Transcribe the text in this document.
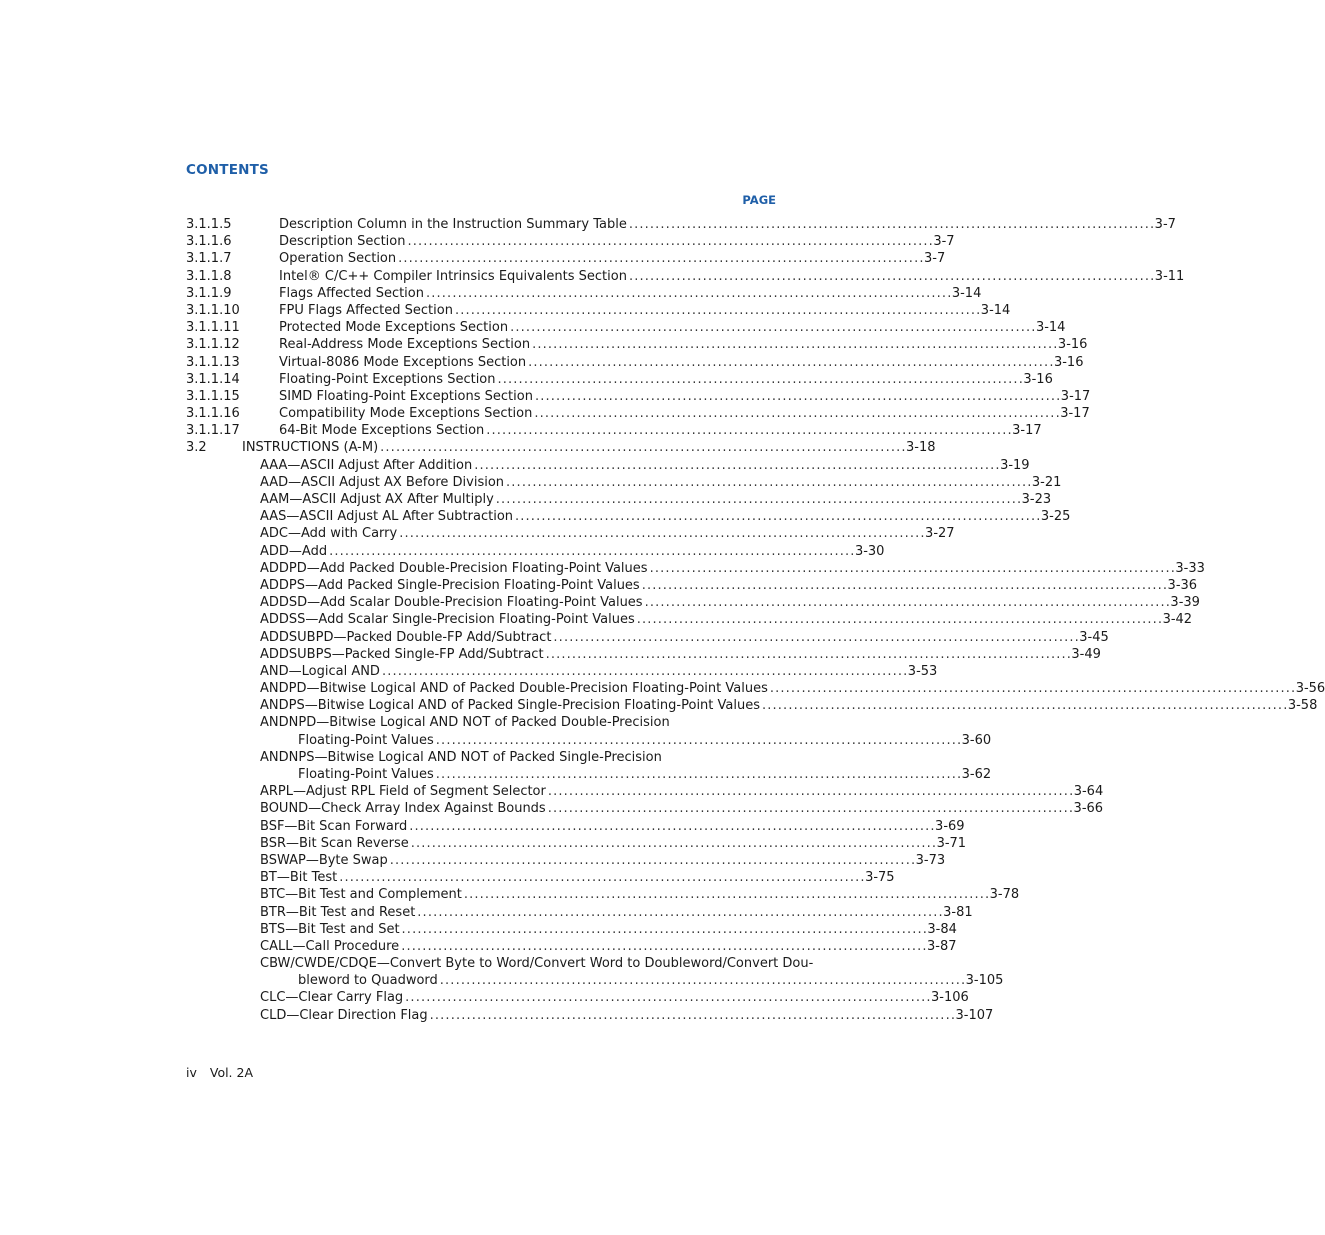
CONTENTS
PAGE
3.1.1.5	Description Column in the Instruction Summary Table . . .	3-7
3.1.1.6	Description Section . . .	3-7
3.1.1.7	Operation Section . . .	3-7
3.1.1.8	Intel® C/C++ Compiler Intrinsics Equivalents Section . . .	3-11
3.1.1.9	Flags Affected Section . . .	3-14
3.1.1.10	FPU Flags Affected Section . . .	3-14
3.1.1.11	Protected Mode Exceptions Section . . .	3-14
3.1.1.12	Real-Address Mode Exceptions Section . . .	3-16
3.1.1.13	Virtual-8086 Mode Exceptions Section . . .	3-16
3.1.1.14	Floating-Point Exceptions Section . . .	3-16
3.1.1.15	SIMD Floating-Point Exceptions Section . . .	3-17
3.1.1.16	Compatibility Mode Exceptions Section . . .	3-17
3.1.1.17	64-Bit Mode Exceptions Section . . .	3-17
3.2	INSTRUCTIONS (A-M) . . .	3-18
AAA—ASCII Adjust After Addition . . .	3-19
AAD—ASCII Adjust AX Before Division . . .	3-21
AAM—ASCII Adjust AX After Multiply . . .	3-23
AAS—ASCII Adjust AL After Subtraction . . .	3-25
ADC—Add with Carry . . .	3-27
ADD—Add . . .	3-30
ADDPD—Add Packed Double-Precision Floating-Point Values . . .	3-33
ADDPS—Add Packed Single-Precision Floating-Point Values . . .	3-36
ADDSD—Add Scalar Double-Precision Floating-Point Values . . .	3-39
ADDSS—Add Scalar Single-Precision Floating-Point Values . . .	3-42
ADDSUBPD—Packed Double-FP Add/Subtract . . .	3-45
ADDSUBPS—Packed Single-FP Add/Subtract . . .	3-49
AND—Logical AND . . .	3-53
ANDPD—Bitwise Logical AND of Packed Double-Precision Floating-Point Values . . .	3-56
ANDPS—Bitwise Logical AND of Packed Single-Precision Floating-Point Values . . .	3-58
ANDNPD—Bitwise Logical AND NOT of Packed Double-Precision
Floating-Point Values . . .	3-60
ANDNPS—Bitwise Logical AND NOT of Packed Single-Precision
Floating-Point Values . . .	3-62
ARPL—Adjust RPL Field of Segment Selector . . .	3-64
BOUND—Check Array Index Against Bounds . . .	3-66
BSF—Bit Scan Forward . . .	3-69
BSR—Bit Scan Reverse . . .	3-71
BSWAP—Byte Swap . . .	3-73
BT—Bit Test . . .	3-75
BTC—Bit Test and Complement . . .	3-78
BTR—Bit Test and Reset . . .	3-81
BTS—Bit Test and Set . . .	3-84
CALL—Call Procedure . . .	3-87
CBW/CWDE/CDQE—Convert Byte to Word/Convert Word to Doubleword/Convert Dou-
bleword to Quadword . . .	3-105
CLC—Clear Carry Flag . . .	3-106
CLD—Clear Direction Flag . . .	3-107
iv Vol. 2A
